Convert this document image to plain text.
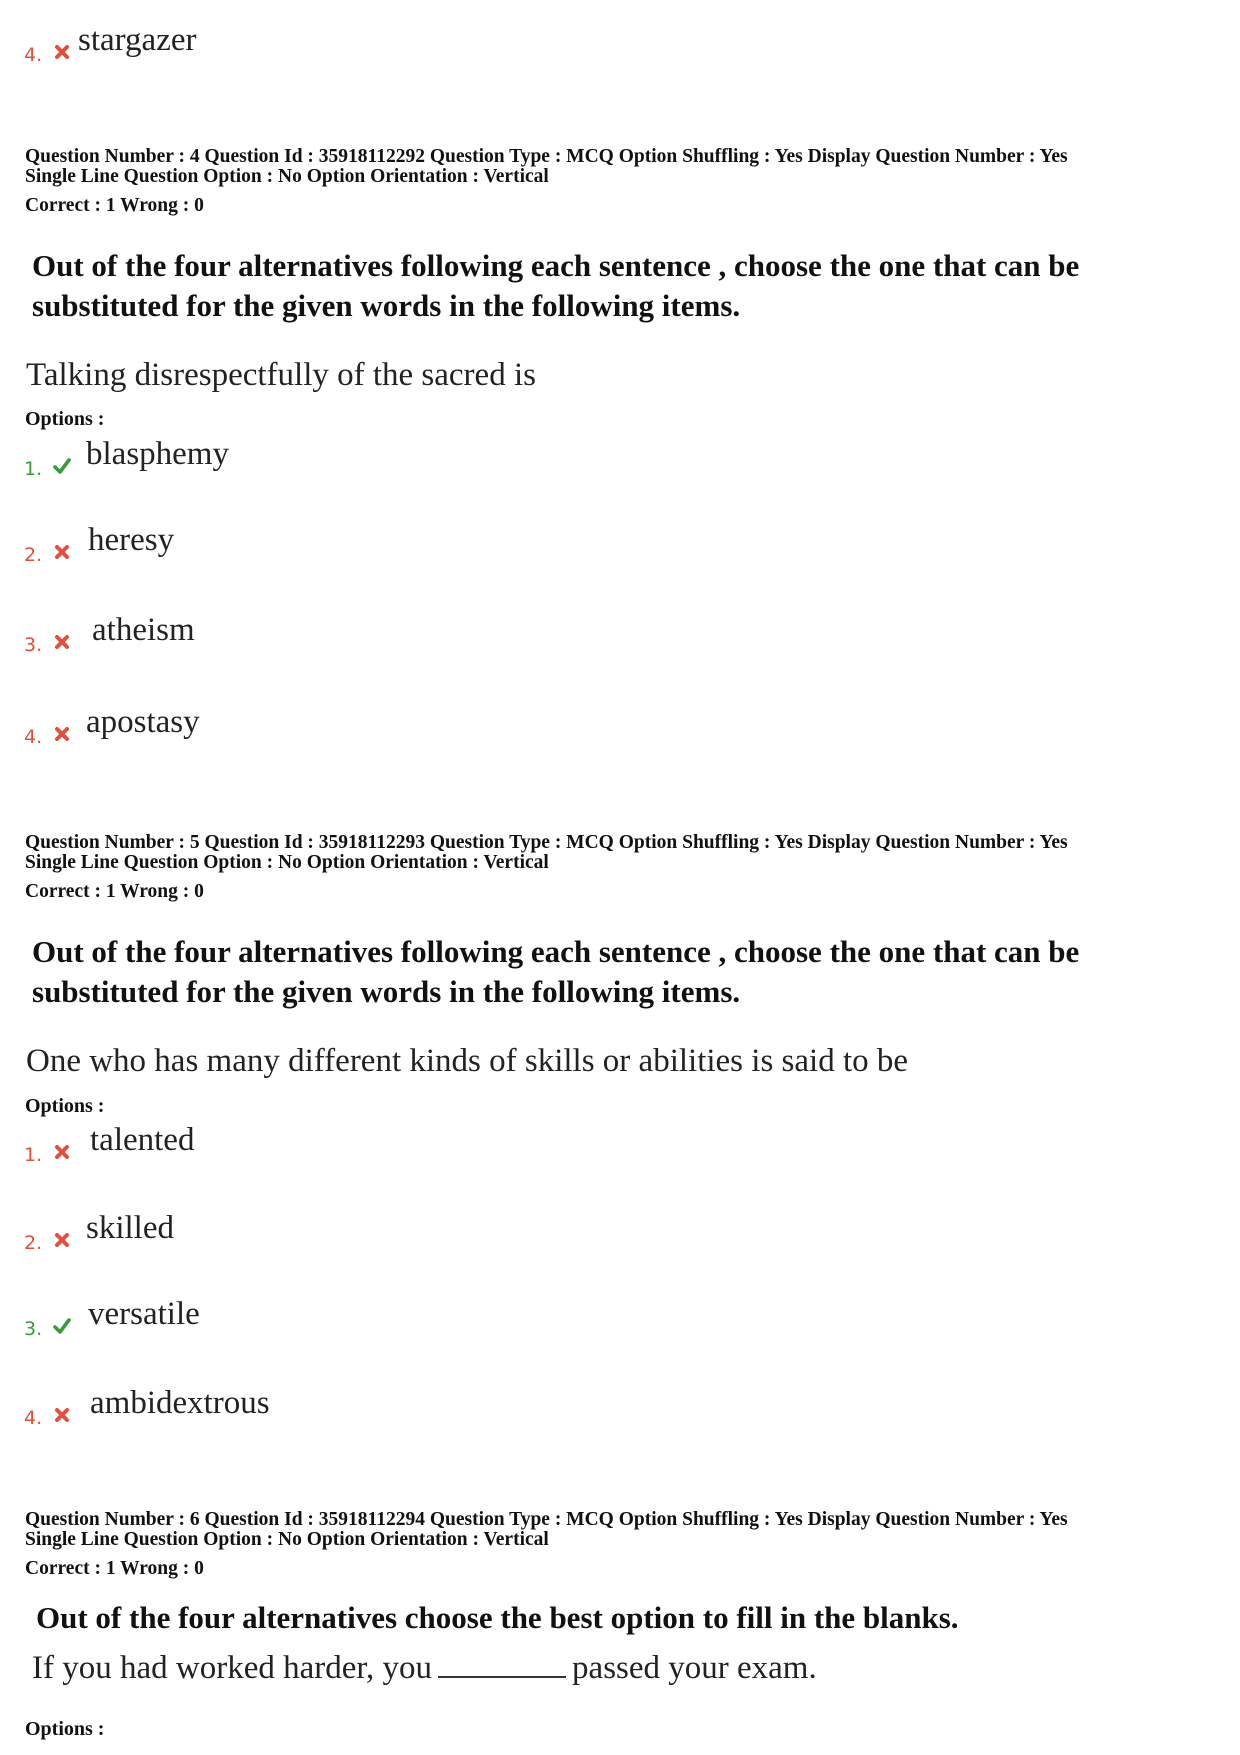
4. stargazer
Question Number : 4 Question Id : 35918112292 Question Type : MCQ Option Shuffling : Yes Display Question Number : Yes
Single Line Question Option : No Option Orientation : Vertical
Correct : 1 Wrong : 0
Out of the four alternatives following each sentence , choose the one that can be
substituted for the given words in the following items.
Talking disrespectfully of the sacred is
Options :
1. blasphemy
2. heresy
3. atheism
4. apostasy
Question Number : 5 Question Id : 35918112293 Question Type : MCQ Option Shuffling : Yes Display Question Number : Yes
Single Line Question Option : No Option Orientation : Vertical
Correct : 1 Wrong : 0
Out of the four alternatives following each sentence , choose the one that can be
substituted for the given words in the following items.
One who has many different kinds of skills or abilities is said to be
Options :
1. talented
2. skilled
3. versatile
4. ambidextrous
Question Number : 6 Question Id : 35918112294 Question Type : MCQ Option Shuffling : Yes Display Question Number : Yes
Single Line Question Option : No Option Orientation : Vertical
Correct : 1 Wrong : 0
Out of the four alternatives choose the best option to fill in the blanks.
If you had worked harder, you	passed your exam.
Options :
